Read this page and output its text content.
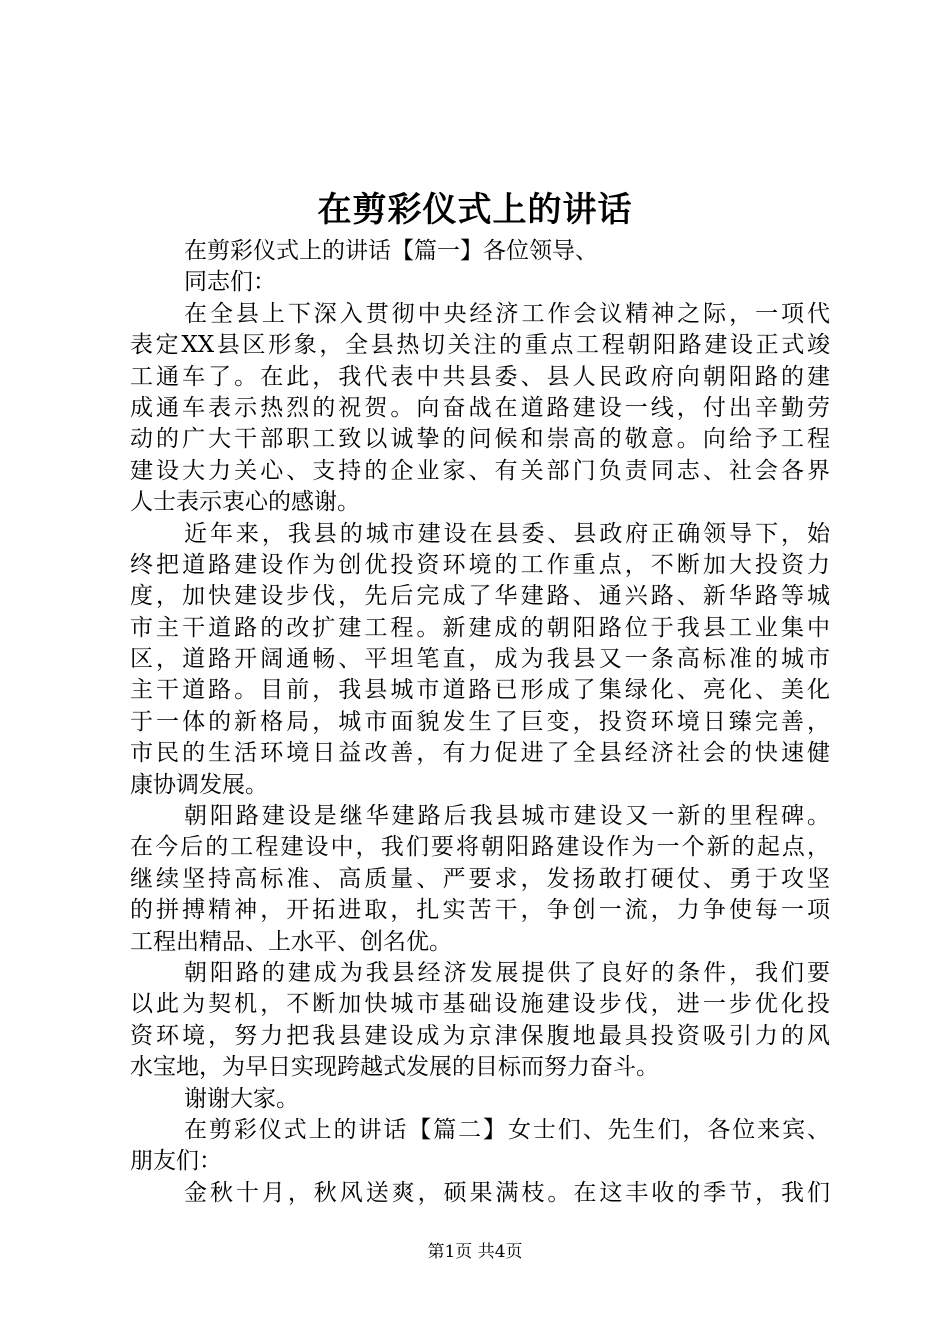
在剪彩仪式上的讲话
在剪彩仪式上的讲话【篇一】各位领导、
同志们：
在全县上下深入贯彻中央经济工作会议精神之际，一项代
表定XX县区形象，全县热切关注的重点工程朝阳路建设正式竣
工通车了。在此，我代表中共县委、县人民政府向朝阳路的建
成通车表示热烈的祝贺。向奋战在道路建设一线，付出辛勤劳
动的广大干部职工致以诚挚的问候和崇高的敬意。向给予工程
建设大力关心、支持的企业家、有关部门负责同志、社会各界
人士表示衷心的感谢。
近年来，我县的城市建设在县委、县政府正确领导下，始
终把道路建设作为创优投资环境的工作重点，不断加大投资力
度，加快建设步伐，先后完成了华建路、通兴路、新华路等城
市主干道路的改扩建工程。新建成的朝阳路位于我县工业集中
区，道路开阔通畅、平坦笔直，成为我县又一条高标准的城市
主干道路。目前，我县城市道路已形成了集绿化、亮化、美化
于一体的新格局，城市面貌发生了巨变，投资环境日臻完善，
市民的生活环境日益改善，有力促进了全县经济社会的快速健
康协调发展。
朝阳路建设是继华建路后我县城市建设又一新的里程碑。
在今后的工程建设中，我们要将朝阳路建设作为一个新的起点，
继续坚持高标准、高质量、严要求，发扬敢打硬仗、勇于攻坚
的拼搏精神，开拓进取，扎实苦干，争创一流，力争使每一项
工程出精品、上水平、创名优。
朝阳路的建成为我县经济发展提供了良好的条件，我们要
以此为契机，不断加快城市基础设施建设步伐，进一步优化投
资环境，努力把我县建设成为京津保腹地最具投资吸引力的风
水宝地，为早日实现跨越式发展的目标而努力奋斗。
谢谢大家。
在剪彩仪式上的讲话【篇二】女士们、先生们，各位来宾、
朋友们：
金秋十月，秋风送爽，硕果满枝。在这丰收的季节，我们
第1页 共4页
